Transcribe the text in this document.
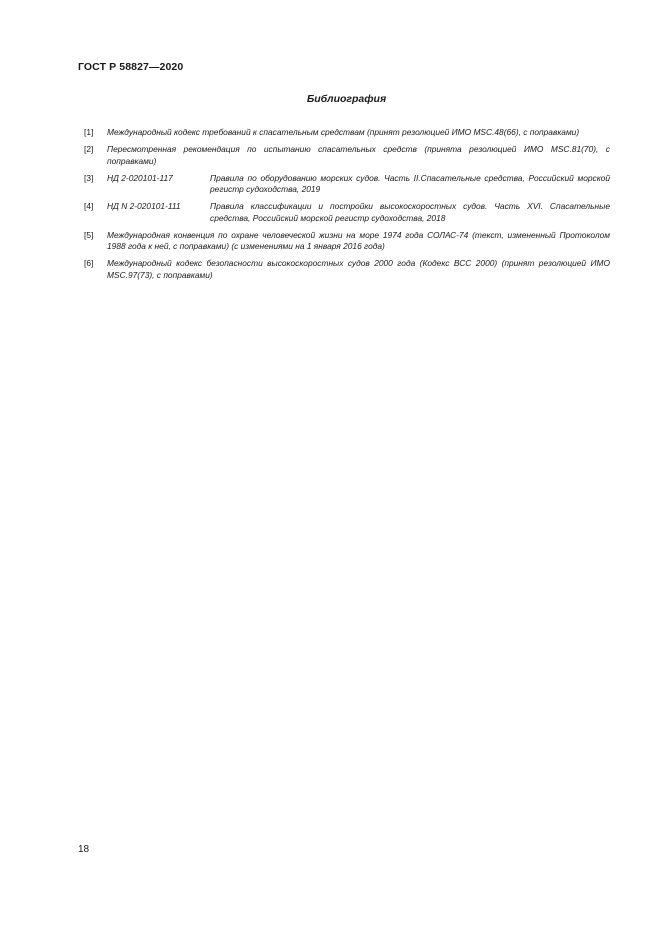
ГОСТ Р 58827—2020
Библиография
[1]	Международный кодекс требований к спасательным средствам (принят резолюцией ИМО MSC.48(66), с поправками)
[2]	Пересмотренная рекомендация по испытанию спасательных средств (принята резолюцией ИМО MSC.81(70), с поправками)
[3]	НД 2-020101-117	Правила по оборудованию морских судов. Часть II.Спасательные средства, Российский морской регистр судоходства, 2019
[4]	НД N 2-020101-111	Правила классификации и постройки высокоскоростных судов. Часть XVI. Спасательные средства, Российский морской регистр судоходства, 2018
[5]	Международная конвенция по охране человеческой жизни на море 1974 года СОЛАС-74 (текст, измененный Протоколом 1988 года к ней, с поправками) (с изменениями на 1 января 2016 года)
[6]	Международный кодекс безопасности высокоскоростных судов 2000 года (Кодекс ВСС 2000) (принят резолюцией ИМО MSC.97(73), с поправками)
18
